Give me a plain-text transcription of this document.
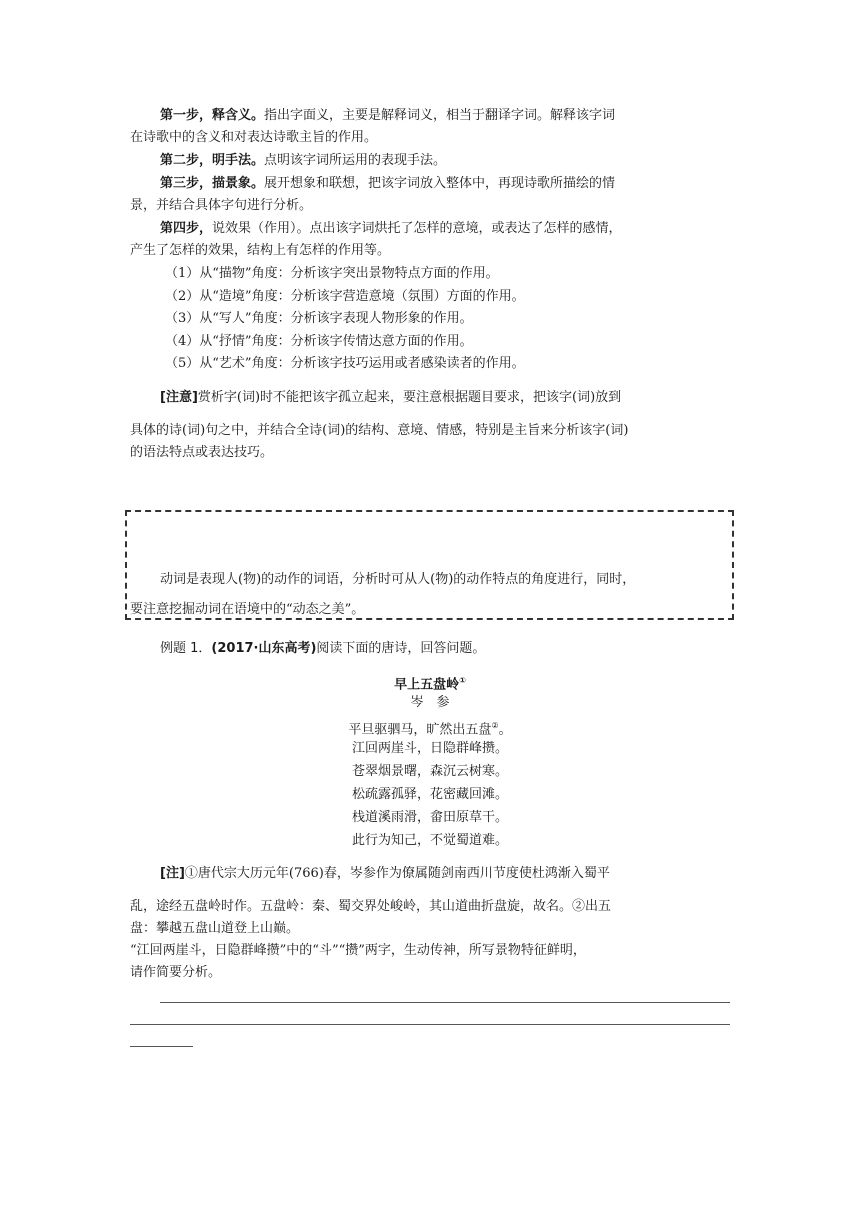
第一步，释含义。指出字面义，主要是解释词义，相当于翻译字词。解释该字词
在诗歌中的含义和对表达诗歌主旨的作用。
第二步，明手法。点明该字词所运用的表现手法。
第三步，描景象。展开想象和联想，把该字词放入整体中，再现诗歌所描绘的情
景，并结合具体字句进行分析。
第四步，说效果（作用）。点出该字词烘托了怎样的意境，或表达了怎样的感情，
产生了怎样的效果，结构上有怎样的作用等。
（1）从“描物”角度：分析该字突出景物特点方面的作用。
（2）从“造境”角度：分析该字营造意境（氛围）方面的作用。
（3）从“写人”角度：分析该字表现人物形象的作用。
（4）从“抒情”角度：分析该字传情达意方面的作用。
（5）从“艺术”角度：分析该字技巧运用或者感染读者的作用。
[注意]赏析字(词)时不能把该字孤立起来，要注意根据题目要求，把该字(词)放到
具体的诗(词)句之中，并结合全诗(词)的结构、意境、情感，特别是主旨来分析该字(词)
的语法特点或表达技巧。
动词是表现人(物)的动作的词语，分析时可从人(物)的动作特点的角度进行，同时，
要注意挖掘动词在语境中的“动态之美”。
例题 1．(2017·山东高考)阅读下面的唐诗，回答问题。
早上五盘岭①
岑　参
平旦驱驷马，旷然出五盘②。
江回两崖斗，日隐群峰攒。
苍翠烟景曙，森沉云树寒。
松疏露孤驿，花密藏回滩。
栈道溪雨滑，畲田原草干。
此行为知己，不觉蜀道难。
[注]①唐代宗大历元年(766)春，岑参作为僚属随剑南西川节度使杜鸿渐入蜀平
乱，途经五盘岭时作。五盘岭：秦、蜀交界处峻岭，其山道曲折盘旋，故名。②出五
盘：攀越五盘山道登上山巅。
“江回两崖斗，日隐群峰攒”中的“斗”“攒”两字，生动传神，所写景物特征鲜明，
请作简要分析。
